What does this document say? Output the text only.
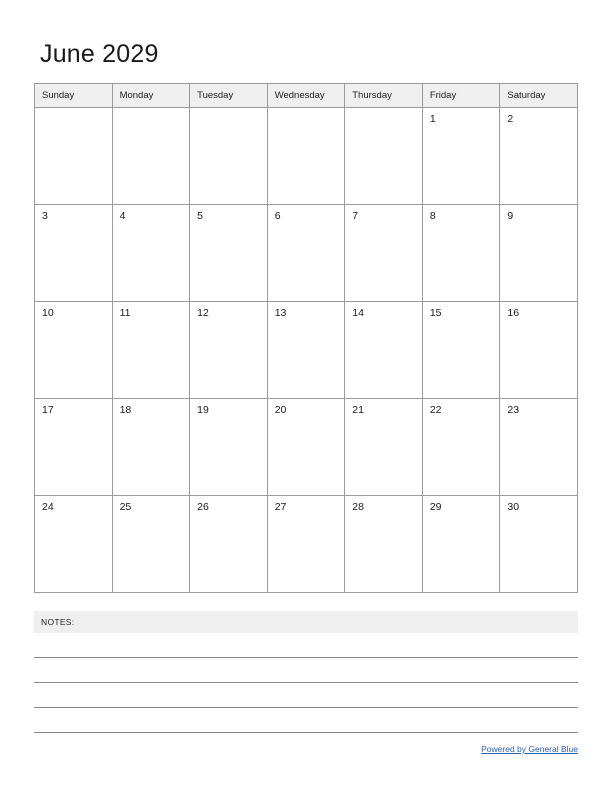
June 2029
Sunday	Monday	Tuesday	Wednesday	Thursday	Friday	Saturday

					1	2

3	4	5	6	7	8	9

10	11	12	13	14	15	16

17	18	19	20	21	22	23

24	25	26	27	28	29	30
NOTES:
Powered by General Blue
